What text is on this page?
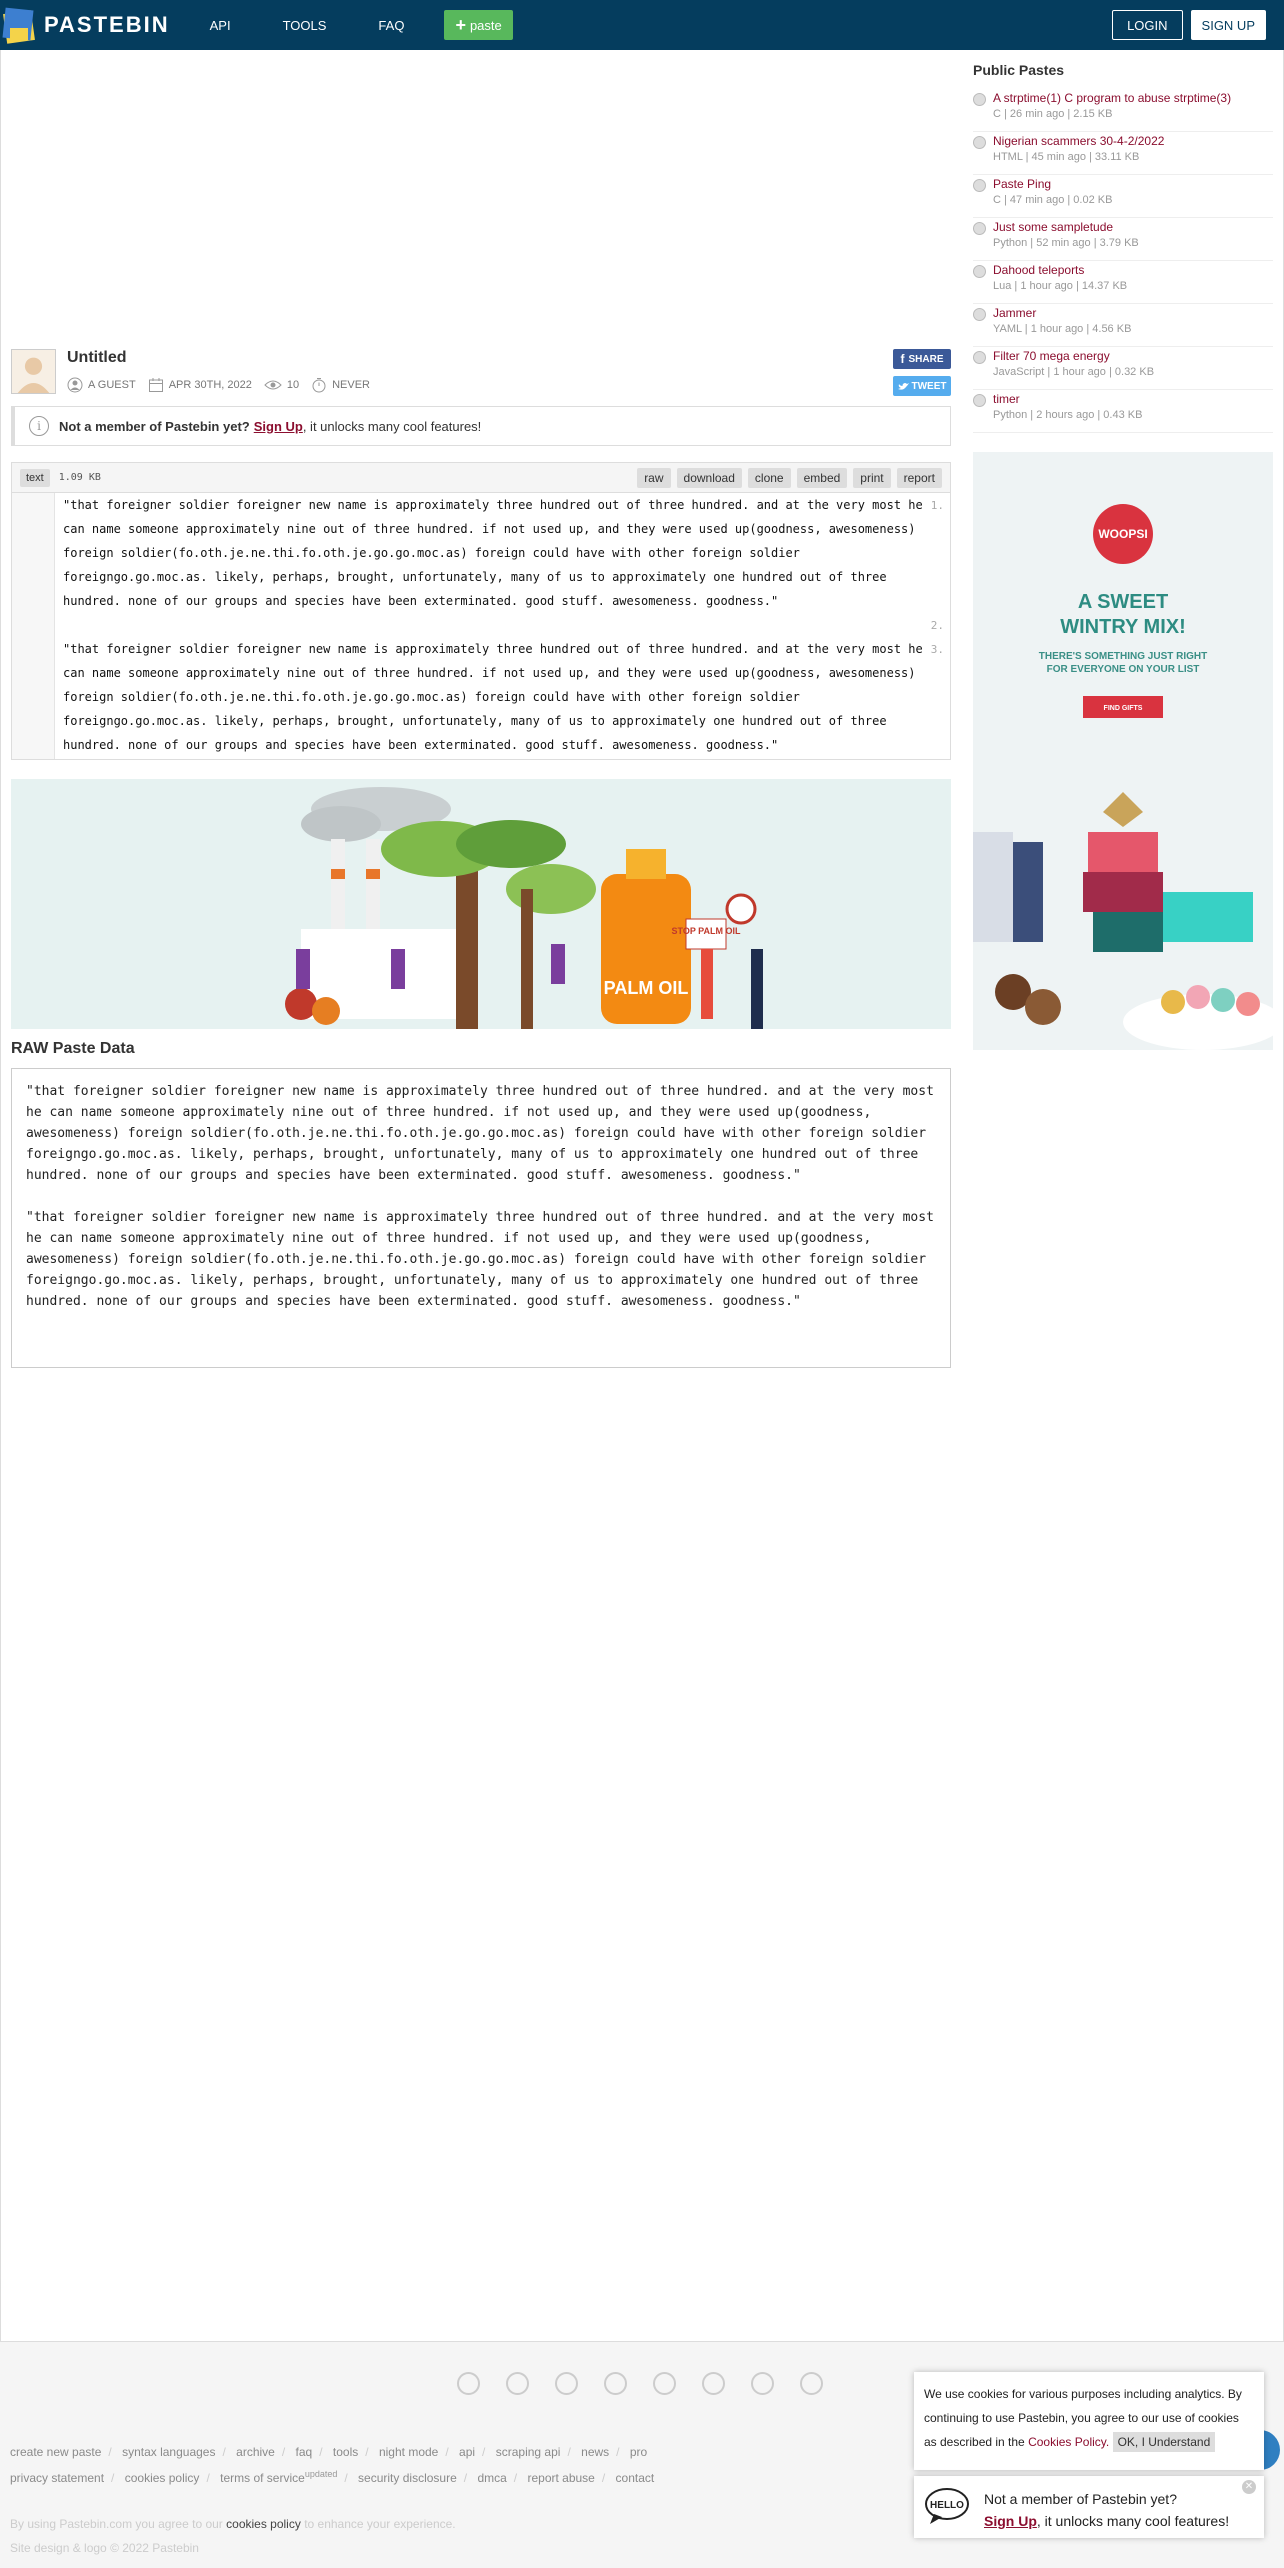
PASTEBIN	API	TOOLS	FAQ	+ paste	LOGIN	SIGN UP
Untitled
A GUEST	APR 30TH, 2022	10	NEVER
f SHARE
TWEET
i	Not a member of Pastebin yet? Sign Up , it unlocks many cool features!
text	1.09 KB	raw	download	clone	embed	print	report
1.
2.
3.
"that foreigner soldier foreigner new name is approximately three hundred out of three hundred. and at the very most he can name someone approximately nine out of three hundred. if not used up, and they were used up(goodness, awesomeness) foreign soldier(fo.oth.je.ne.thi.fo.oth.je.go.go.moc.as) foreign could have with other foreign soldier foreigngo.go.moc.as. likely, perhaps, brought, unfortunately, many of us to approximately one hundred out of three hundred. none of our groups and species have been exterminated. good stuff. awesomeness. goodness."
"that foreigner soldier foreigner new name is approximately three hundred out of three hundred. and at the very most he can name someone approximately nine out of three hundred. if not used up, and they were used up(goodness, awesomeness) foreign soldier(fo.oth.je.ne.thi.fo.oth.je.go.go.moc.as) foreign could have with other foreign soldier foreigngo.go.moc.as. likely, perhaps, brought, unfortunately, many of us to approximately one hundred out of three hundred. none of our groups and species have been exterminated. good stuff. awesomeness. goodness."
PALM OIL
STOP PALM OIL
RAW Paste Data

"that foreigner soldier foreigner new name is approximately three hundred out of three hundred. and at the very most he can name someone approximately nine out of three hundred. if not used up, and they were used up(goodness, awesomeness) foreign soldier(fo.oth.je.ne.thi.fo.oth.je.go.go.moc.as) foreign could have with other foreign soldier foreigngo.go.moc.as. likely, perhaps, brought, unfortunately, many of us to approximately one hundred out of three hundred. none of our groups and species have been exterminated. good stuff. awesomeness. goodness."

"that foreigner soldier foreigner new name is approximately three hundred out of three hundred. and at the very most he can name someone approximately nine out of three hundred. if not used up, and they were used up(goodness, awesomeness) foreign soldier(fo.oth.je.ne.thi.fo.oth.je.go.go.moc.as) foreign could have with other foreign soldier foreigngo.go.moc.as. likely, perhaps, brought, unfortunately, many of us to approximately one hundred out of three hundred. none of our groups and species have been exterminated. good stuff. awesomeness. goodness."

Public Pastes
A strptime(1) C program to abuse strptime(3)
C | 26 min ago | 2.15 KB
Nigerian scammers 30-4-2/2022
HTML | 45 min ago | 33.11 KB
Paste Ping
C | 47 min ago | 0.02 KB
Just some sampletude
Python | 52 min ago | 3.79 KB
Dahood teleports
Lua | 1 hour ago | 14.37 KB
Jammer
YAML | 1 hour ago | 4.56 KB
Filter 70 mega energy
JavaScript | 1 hour ago | 0.32 KB
timer
Python | 2 hours ago | 0.43 KB
WOOPSI
A SWEET
WINTRY MIX!
THERE'S SOMETHING JUST RIGHT
FOR EVERYONE ON YOUR LIST
FIND GIFTS
create new paste / syntax languages / archive / faq / tools / night mode / api / scraping api / news / pro
privacy statement / cookies policy / terms of service$^{updated}$ / security disclosure / dmca / report abuse / contact
By using Pastebin.com you agree to our cookies policy to enhance your experience.
Site design & logo © 2022 Pastebin
We use cookies for various purposes including analytics. By continuing to use Pastebin, you agree to our use of cookies as described in the Cookies Policy. OK, I Understand
HELLO Not a member of Pastebin yet?
Sign Up, it unlocks many cool features!
✕
